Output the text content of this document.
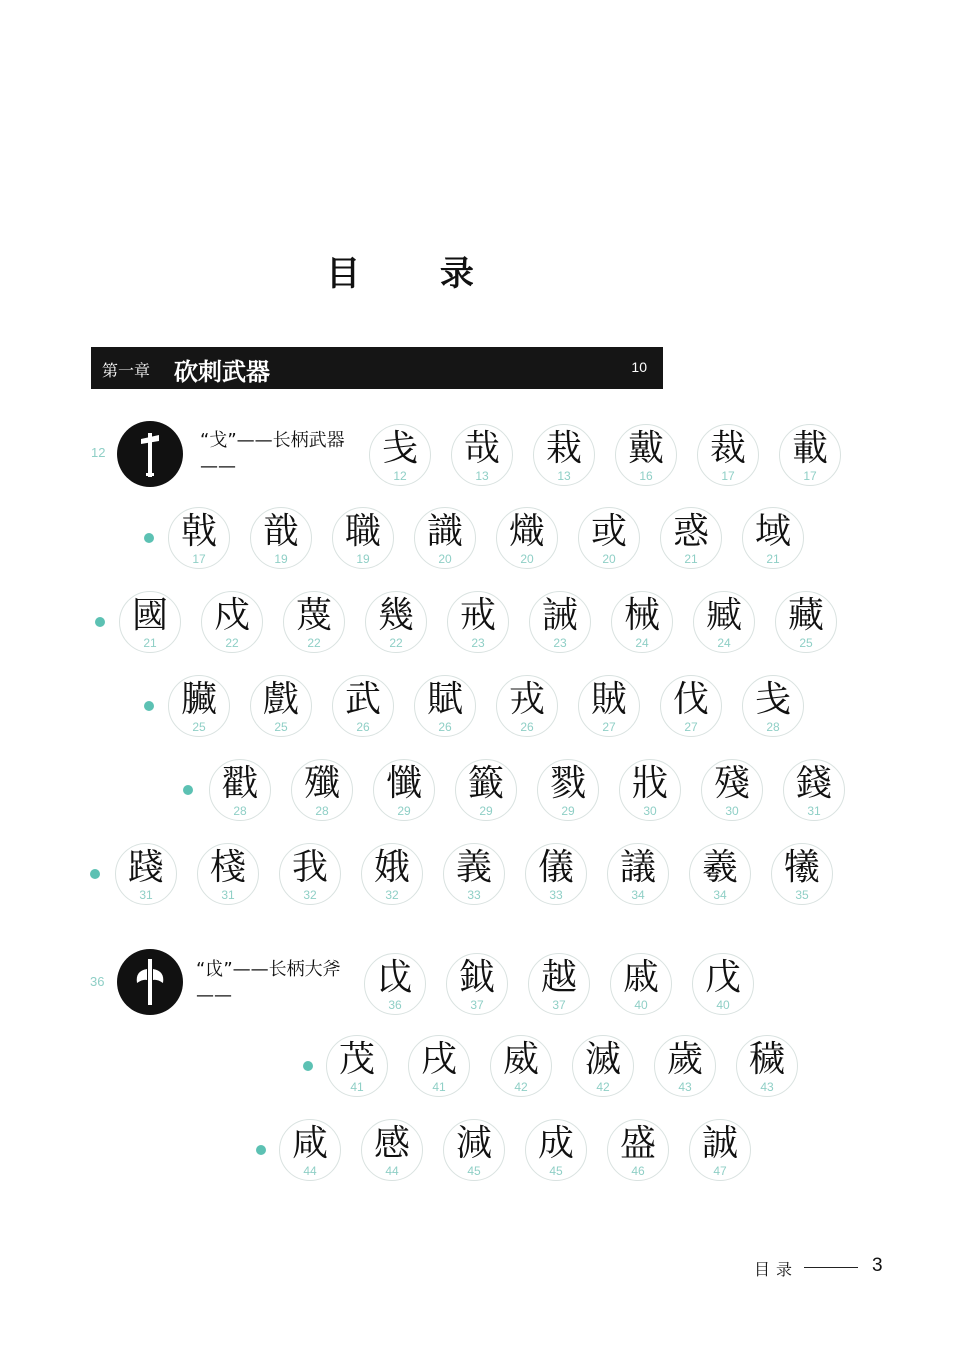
目 录
第一章 砍刺武器	10
12
“戈”——长柄武器——
36
“戉”——长柄大斧——
戋
12
哉
13
栽
13
戴
16
裁
17
載
17
戟
17
戠
19
職
19
識
20
熾
20
或
20
惑
21
域
21
國
21
戍
22
蔑
22
幾
22
戒
23
誡
23
械
24
臧
24
藏
25
臟
25
戲
25
武
26
賦
26
戎
26
賊
27
伐
27
戋
28
戳
28
殲
28
懺
29
籤
29
戮
29
戕
30
殘
30
錢
31
踐
31
棧
31
我
32
娥
32
義
33
儀
33
議
34
羲
34
犧
35
戉
36
鉞
37
越
37
戚
40
戊
40
茂
41
戌
41
威
42
滅
42
歲
43
穢
43
咸
44
感
44
減
45
成
45
盛
46
誠
47
目录	3
